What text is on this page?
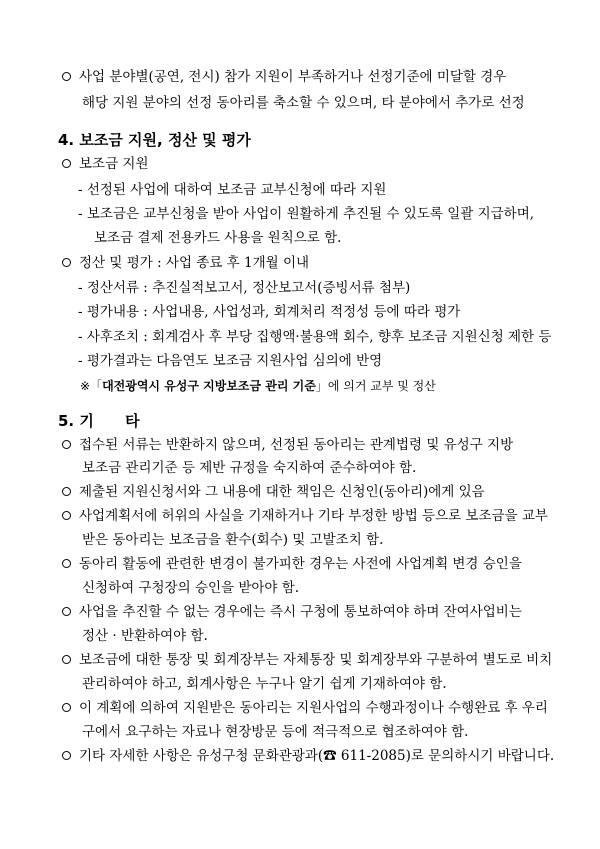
사업 분야별(공연, 전시) 참가 지원이 부족하거나 선정기준에 미달할 경우
해당 지원 분야의 선정 동아리를 축소할 수 있으며, 타 분야에서 추가로 선정
4. 보조금 지원, 정산 및 평가
보조금 지원
- 선정된 사업에 대하여 보조금 교부신청에 따라 지원
- 보조금은 교부신청을 받아 사업이 원활하게 추진될 수 있도록 일괄 지급하며,
보조금 결제 전용카드 사용을 원칙으로 함.
정산 및 평가 : 사업 종료 후 1개월 이내
- 정산서류 : 추진실적보고서, 정산보고서(증빙서류 첨부)
- 평가내용 : 사업내용, 사업성과, 회계처리 적정성 등에 따라 평가
- 사후조치 : 회계검사 후 부당 집행액·불용액 회수, 향후 보조금 지원신청 제한 등
- 평가결과는 다음연도 보조금 지원사업 심의에 반영
※「대전광역시 유성구 지방보조금 관리 기준」에 의거 교부 및 정산
5. 기      타
접수된 서류는 반환하지 않으며, 선정된 동아리는 관계법령 및 유성구 지방
보조금 관리기준 등 제반 규정을 숙지하여 준수하여야 함.
제출된 지원신청서와 그 내용에 대한 책임은 신청인(동아리)에게 있음
사업계획서에 허위의 사실을 기재하거나 기타 부정한 방법 등으로 보조금을 교부
받은 동아리는 보조금을 환수(회수) 및 고발조치 함.
동아리 활동에 관련한 변경이 불가피한 경우는 사전에 사업계획 변경 승인을
신청하여 구청장의 승인을 받아야 함.
사업을 추진할 수 없는 경우에는 즉시 구청에 통보하여야 하며 잔여사업비는
정산 · 반환하여야 함.
보조금에 대한 통장 및 회계장부는 자체통장 및 회계장부와 구분하여 별도로 비치
관리하여야 하고, 회계사항은 누구나 알기 쉽게 기재하여야 함.
이 계획에 의하여 지원받은 동아리는 지원사업의 수행과정이나 수행완료 후 우리
구에서 요구하는 자료나 현장방문 등에 적극적으로 협조하여야 함.
기타 자세한 사항은 유성구청 문화관광과(☎ 611-2085)로 문의하시기 바랍니다.
